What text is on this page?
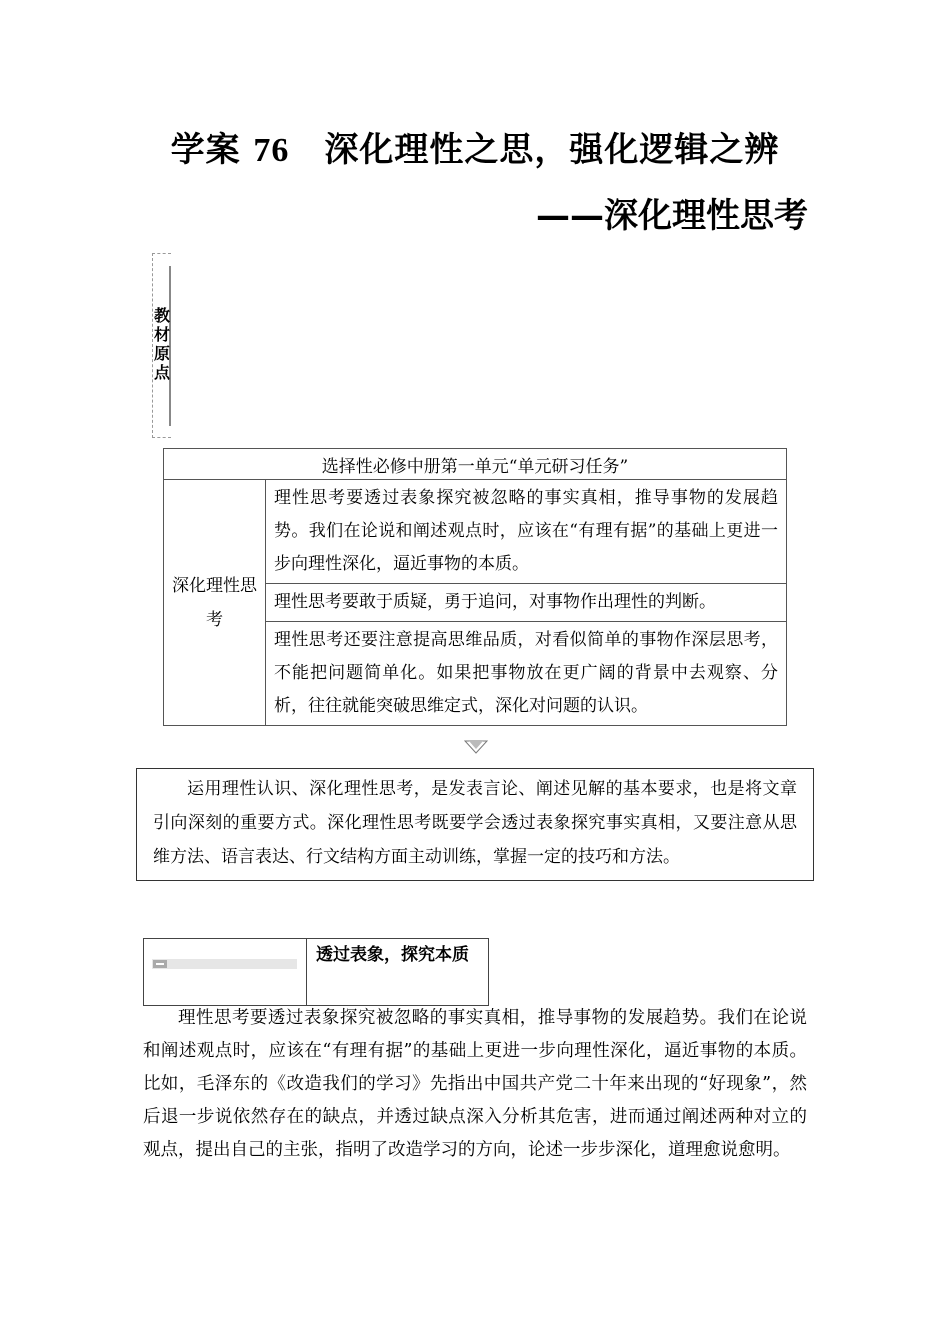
学案 76  深化理性之思，强化逻辑之辨
——深化理性思考
教材原点
选择性必修中册第一单元“单元研习任务”
深化理性思考	理性思考要透过表象探究被忽略的事实真相，推导事物的发展趋势。我们在论说和阐述观点时，应该在“有理有据”的基础上更进一步向理性深化，逼近事物的本质。
理性思考要敢于质疑，勇于追问，对事物作出理性的判断。
理性思考还要注意提高思维品质，对看似简单的事物作深层思考，不能把问题简单化。如果把事物放在更广阔的背景中去观察、分析，往往就能突破思维定式，深化对问题的认识。

运用理性认识、深化理性思考，是发表言论、阐述见解的基本要求，也是将文章引向深刻的重要方式。深化理性思考既要学会透过表象探究事实真相，又要注意从思维方法、语言表达、行文结构方面主动训练，掌握一定的技巧和方法。

透过表象，探究本质

理性思考要透过表象探究被忽略的事实真相，推导事物的发展趋势。我们在论说和阐述观点时，应该在“有理有据”的基础上更进一步向理性深化，逼近事物的本质。比如，毛泽东的《改造我们的学习》先指出中国共产党二十年来出现的“好现象”，然后退一步说依然存在的缺点，并透过缺点深入分析其危害，进而通过阐述两种对立的观点，提出自己的主张，指明了改造学习的方向，论述一步步深化，道理愈说愈明。
